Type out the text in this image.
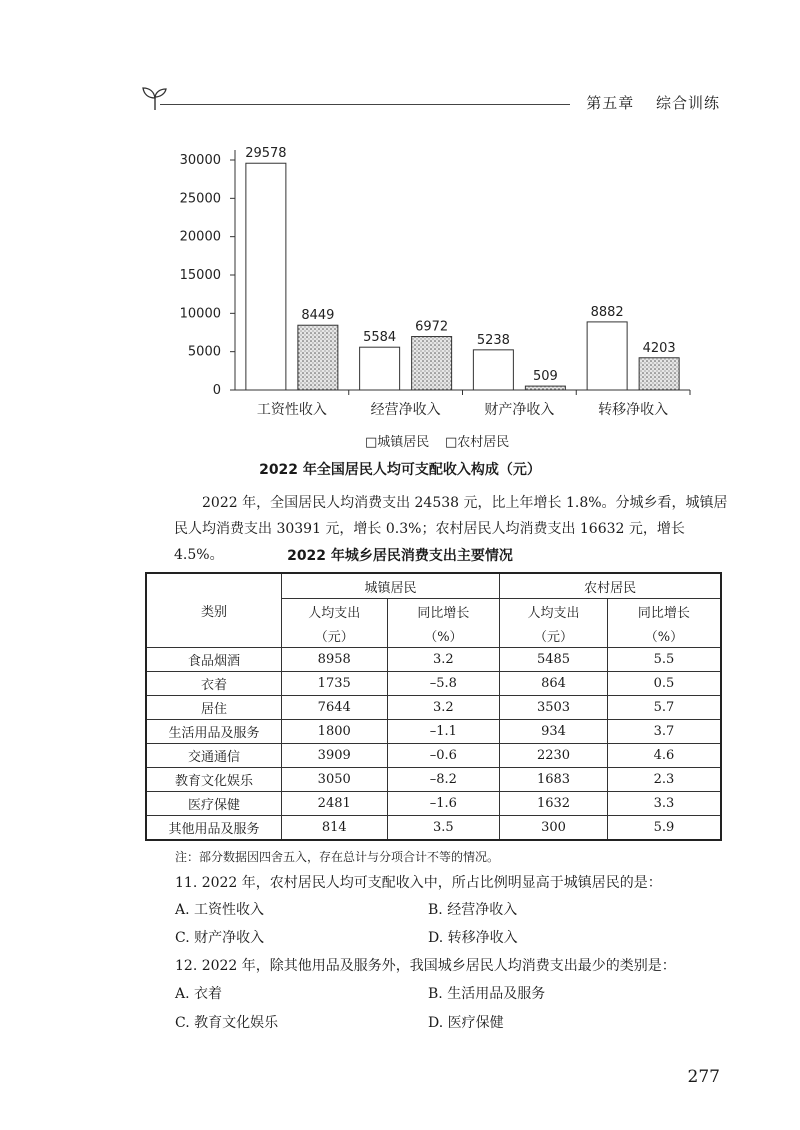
第五章 综合训练
30000
25000
20000
15000
10000
5000
0
29578
8449
5584
6972
5238
509
8882
4203
工资性收入	经营净收入	财产净收入	转移净收入
□城镇居民 □农村居民
2022 年全国居民人均可支配收入构成（元）
2022 年，全国居民人均消费支出 24538 元，比上年增长 1.8%。分城乡看，城镇居民人均消费支出 30391 元，增长 0.3%；农村居民人均消费支出 16632 元，增长 4.5%。	2022 年城乡居民消费支出主要情况
类别	城镇居民		农村居民	
	人均支出	同比增长	人均支出	同比增长
	（元）	（%）	（元）	（%）
食品烟酒	8958	3.2	5485	5.5
衣着	1735	–5.8	864	0.5
居住	7644	3.2	3503	5.7
生活用品及服务	1800	–1.1	934	3.7
交通通信	3909	–0.6	2230	4.6
教育文化娱乐	3050	–8.2	1683	2.3
医疗保健	2481	–1.6	1632	3.3
其他用品及服务	814	3.5	300	5.9
注：部分数据因四舍五入，存在总计与分项合计不等的情况。
11. 2022 年，农村居民人均可支配收入中，所占比例明显高于城镇居民的是：
A. 工资性收入	B. 经营净收入
C. 财产净收入	D. 转移净收入
12. 2022 年，除其他用品及服务外，我国城乡居民人均消费支出最少的类别是：
A. 衣着	B. 生活用品及服务
C. 教育文化娱乐	D. 医疗保健
277
